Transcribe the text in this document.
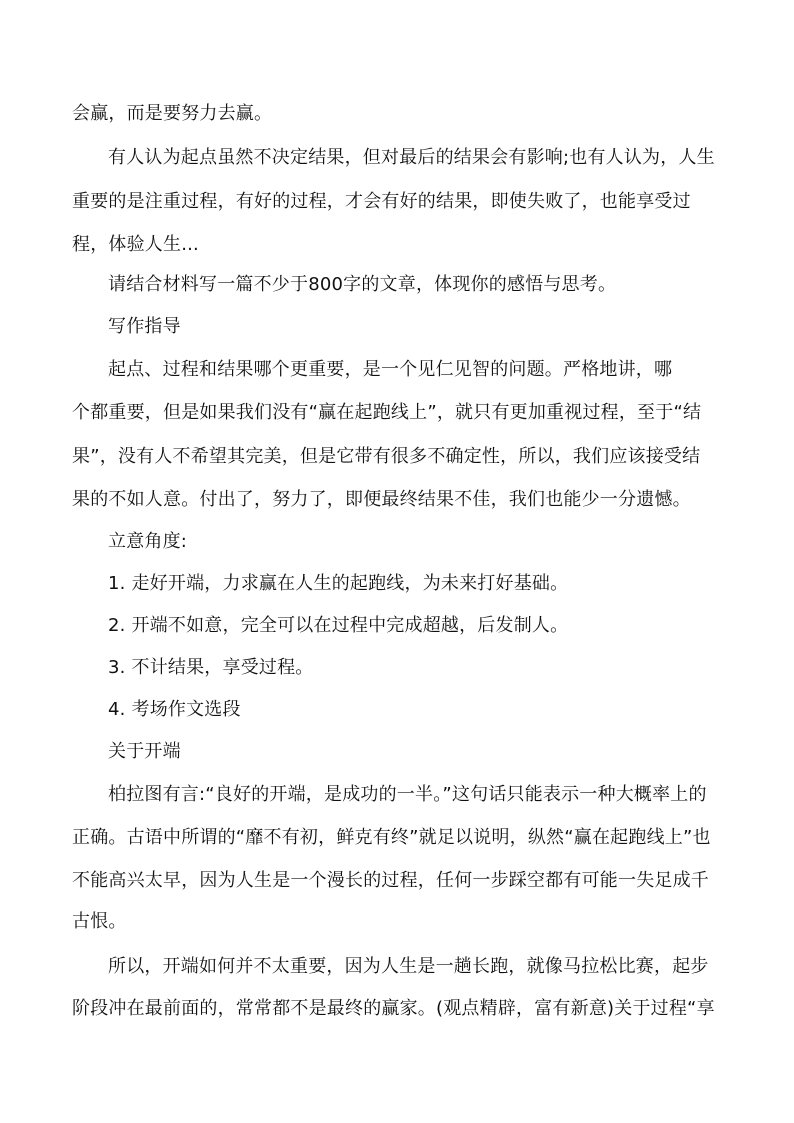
会赢，而是要努力去赢。
有人认为起点虽然不决定结果，但对最后的结果会有影响;也有人认为，人生
重要的是注重过程，有好的过程，才会有好的结果，即使失败了，也能享受过
程，体验人生...
请结合材料写一篇不少于800字的文章，体现你的感悟与思考。
写作指导
起点、过程和结果哪个更重要，是一个见仁见智的问题。严格地讲，哪
个都重要，但是如果我们没有“赢在起跑线上”，就只有更加重视过程，至于“结
果”，没有人不希望其完美，但是它带有很多不确定性，所以，我们应该接受结
果的不如人意。付出了，努力了，即便最终结果不佳，我们也能少一分遗憾。
立意角度:
1. 走好开端，力求赢在人生的起跑线，为未来打好基础。
2. 开端不如意，完全可以在过程中完成超越，后发制人。
3. 不计结果，享受过程。
4. 考场作文选段
关于开端
柏拉图有言:“良好的开端，是成功的一半。”这句话只能表示一种大概率上的
正确。古语中所谓的“靡不有初，鲜克有终”就足以说明，纵然“赢在起跑线上”也
不能高兴太早，因为人生是一个漫长的过程，任何一步踩空都有可能一失足成千
古恨。
所以，开端如何并不太重要，因为人生是一趟长跑，就像马拉松比赛，起步
阶段冲在最前面的，常常都不是最终的赢家。(观点精辟，富有新意)关于过程“享
